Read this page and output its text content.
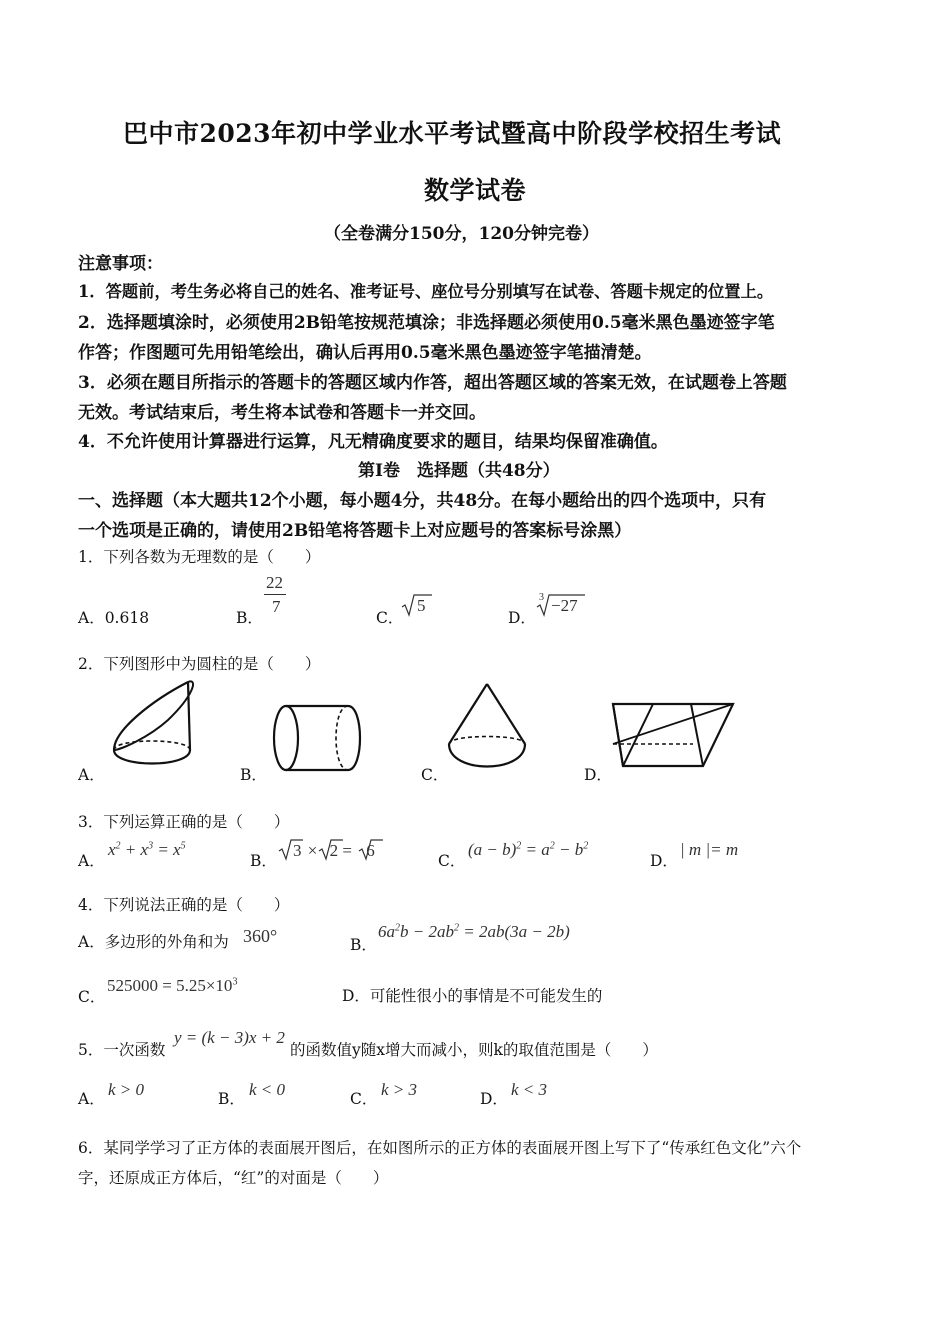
巴中市2023年初中学业水平考试暨高中阶段学校招生考试
数学试卷
（全卷满分150分，120分钟完卷）
注意事项：
1．答题前，考生务必将自己的姓名、准考证号、座位号分别填写在试卷、答题卡规定的位置上。
2．选择题填涂时，必须使用2B铅笔按规范填涂；非选择题必须使用0.5毫米黑色墨迹签字笔
作答；作图题可先用铅笔绘出，确认后再用0.5毫米黑色墨迹签字笔描清楚。
3．必须在题目所指示的答题卡的答题区域内作答，超出答题区域的答案无效，在试题卷上答题
无效。考试结束后，考生将本试卷和答题卡一并交回。
4．不允许使用计算器进行运算，凡无精确度要求的题目，结果均保留准确值。
第I卷　选择题（共48分）
一、选择题（本大题共12个小题，每小题4分，共48分。在每小题给出的四个选项中，只有
一个选项是正确的，请使用2B铅笔将答题卡上对应题号的答案标号涂黑）
1．下列各数为无理数的是（　　）
A．0.618	B．
22
7
C．
5
D．
3 −27
2．下列图形中为圆柱的是（　　）
A．	B．	C．	D．
3．下列运算正确的是（　　）
A．
$x^2 + x^3 = x^5$
B．
3 × 2 = 6
C．
$(a - b)^2 = a^2 - b^2$
D．
| m |= m
4．下列说法正确的是（　　）
A．多边形的外角和为 360°	B．
$6a^2b - 2ab^2 = 2ab(3a - 2b)$
C．
$525000 = 5.25\times 10^3$
D．可能性很小的事情是不可能发生的
5．一次函数
y = (k − 3)x + 2
的函数值y随x增大而减小，则k的取值范围是（　　）
A． k > 0	B． k < 0	C． k > 3	D． k < 3
6．某同学学习了正方体的表面展开图后，在如图所示的正方体的表面展开图上写下了“传承红色文化”六个
字，还原成正方体后，“红”的对面是（　　）
